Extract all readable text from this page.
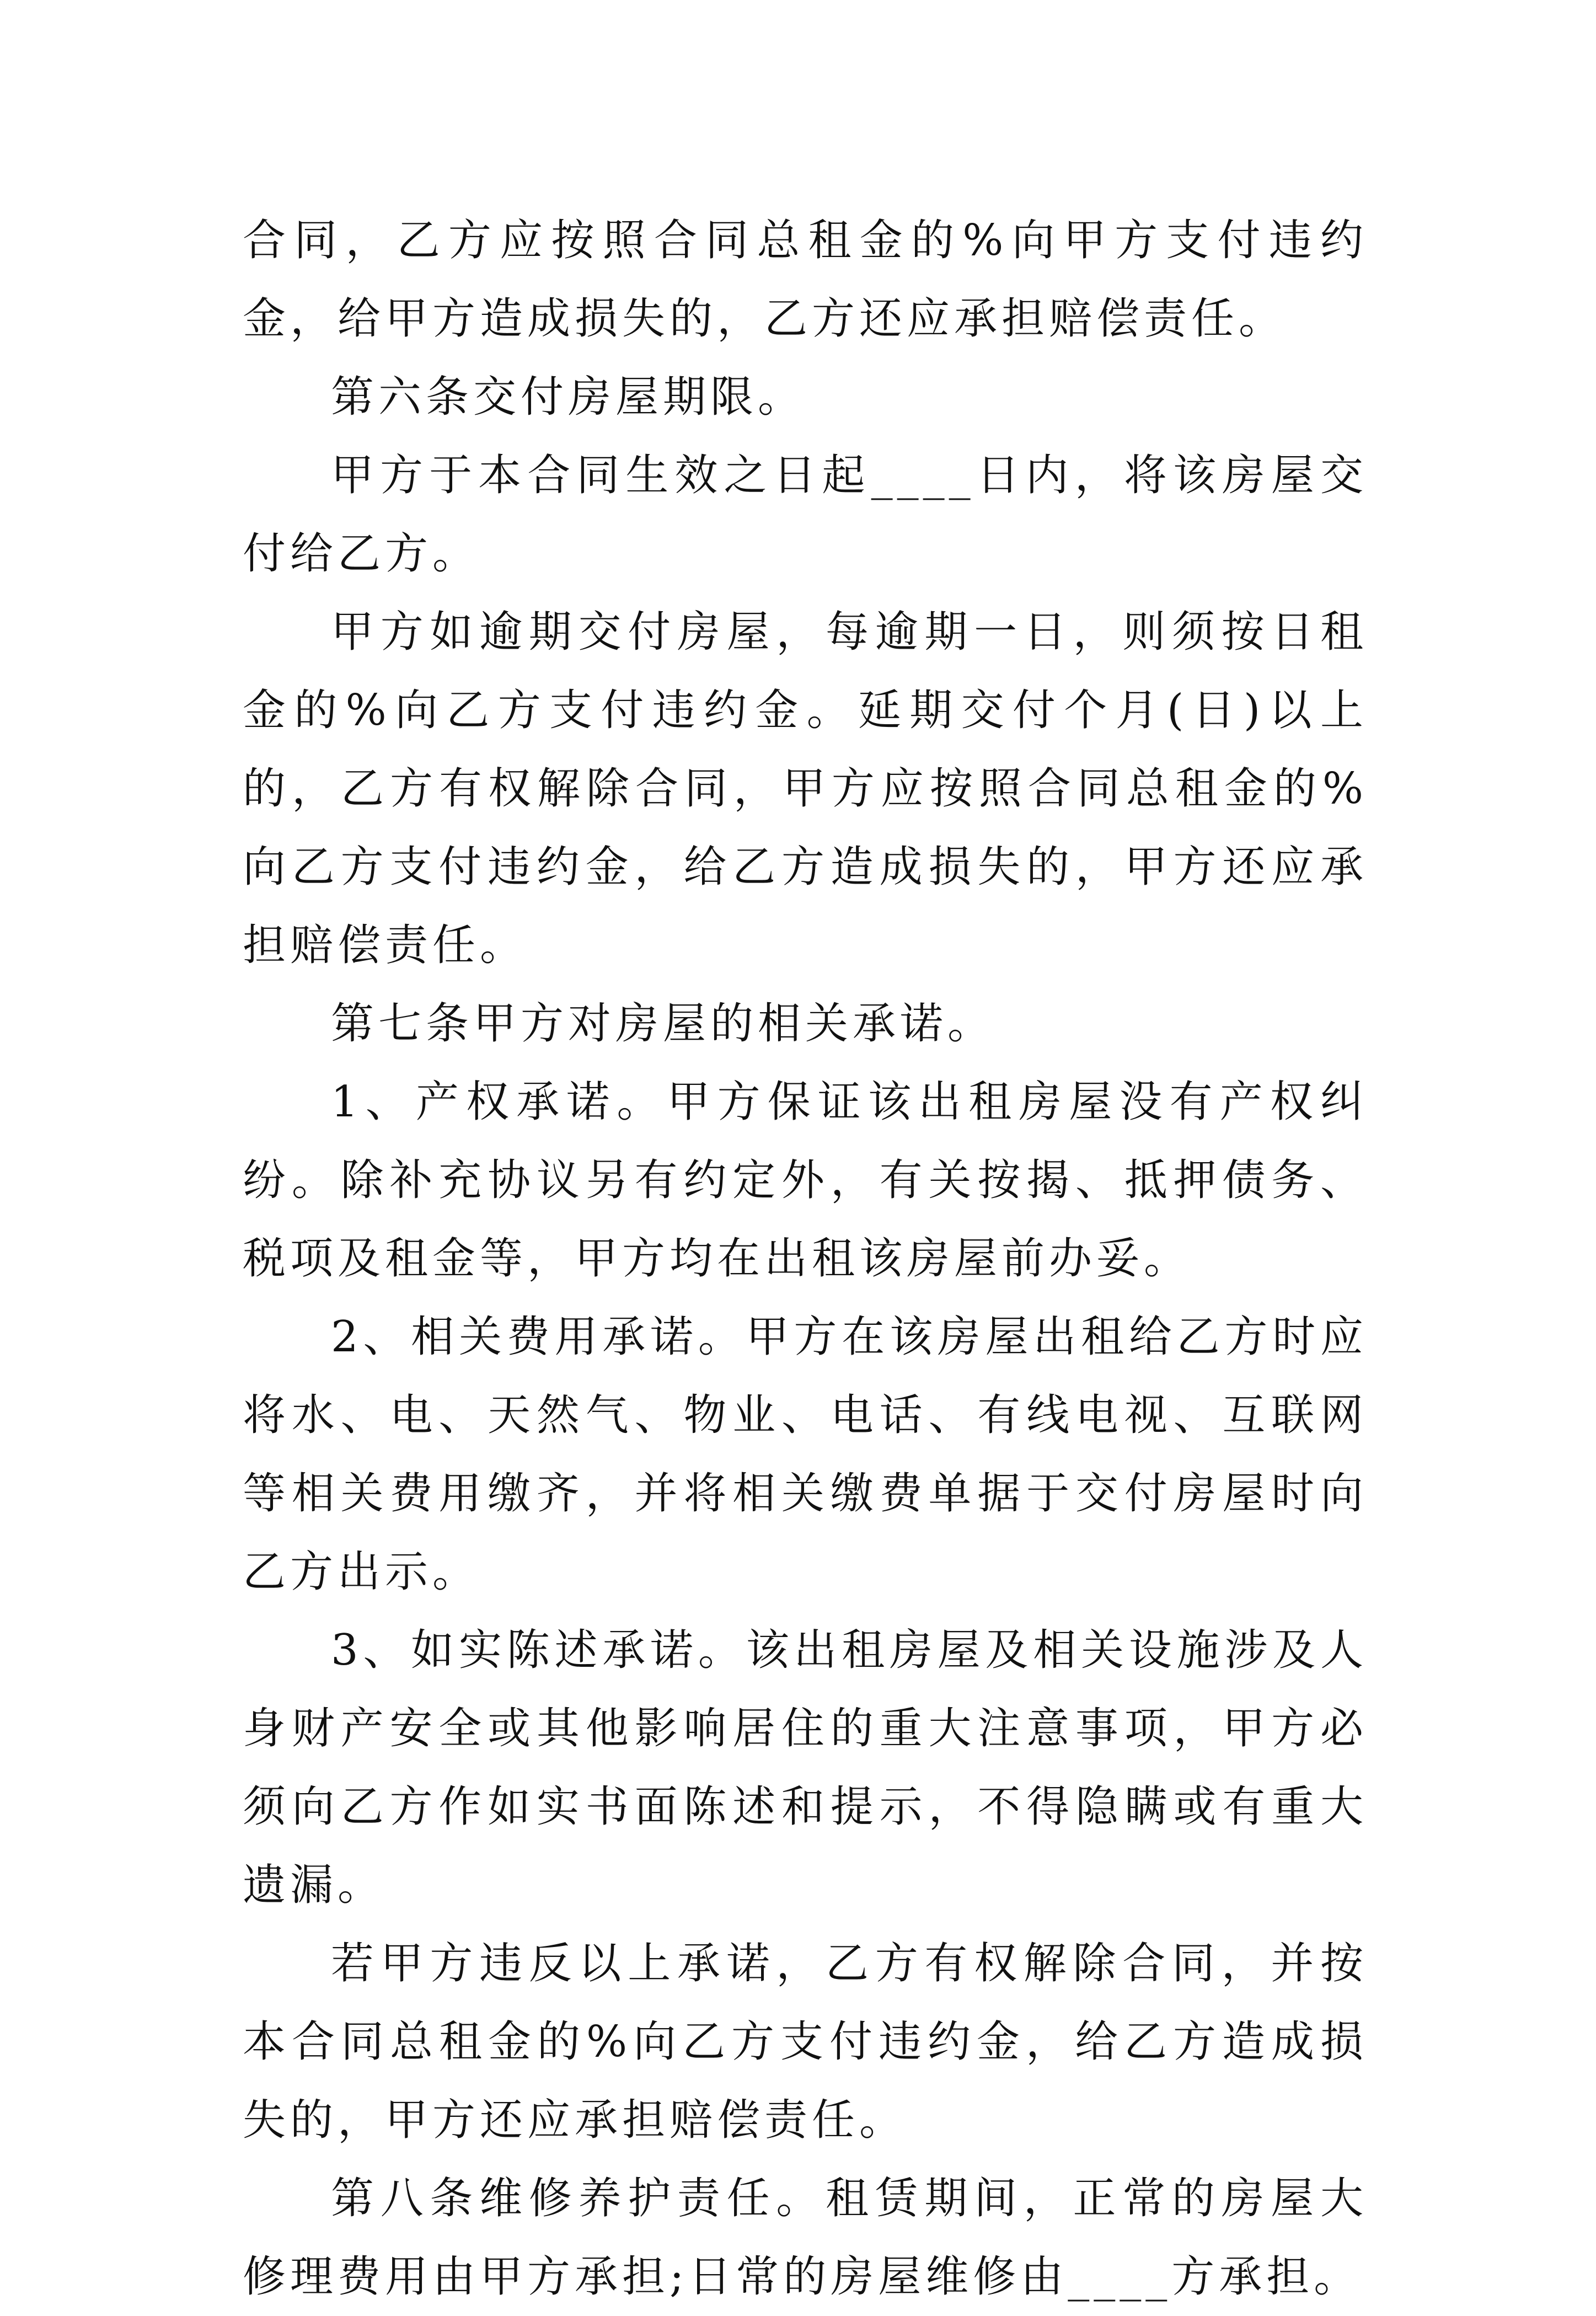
合同，乙方应按照合同总租金的%向甲方支付违约金，给甲方造成损失的，乙方还应承担赔偿责任。

第六条交付房屋期限。

甲方于本合同生效之日起____日内，将该房屋交付给乙方。

甲方如逾期交付房屋，每逾期一日，则须按日租金的%向乙方支付违约金。延期交付个月(日)以上的，乙方有权解除合同，甲方应按照合同总租金的%向乙方支付违约金，给乙方造成损失的，甲方还应承担赔偿责任。

第七条甲方对房屋的相关承诺。

1、产权承诺。甲方保证该出租房屋没有产权纠纷。除补充协议另有约定外，有关按揭、抵押债务、税项及租金等，甲方均在出租该房屋前办妥。

2、相关费用承诺。甲方在该房屋出租给乙方时应将水、电、天然气、物业、电话、有线电视、互联网等相关费用缴齐，并将相关缴费单据于交付房屋时向乙方出示。

3、如实陈述承诺。该出租房屋及相关设施涉及人身财产安全或其他影响居住的重大注意事项，甲方必须向乙方作如实书面陈述和提示，不得隐瞒或有重大遗漏。

若甲方违反以上承诺，乙方有权解除合同，并按本合同总租金的%向乙方支付违约金，给乙方造成损失的，甲方还应承担赔偿责任。

第八条维修养护责任。租赁期间，正常的房屋大修理费用由甲方承担;日常的房屋维修由____方承担。
